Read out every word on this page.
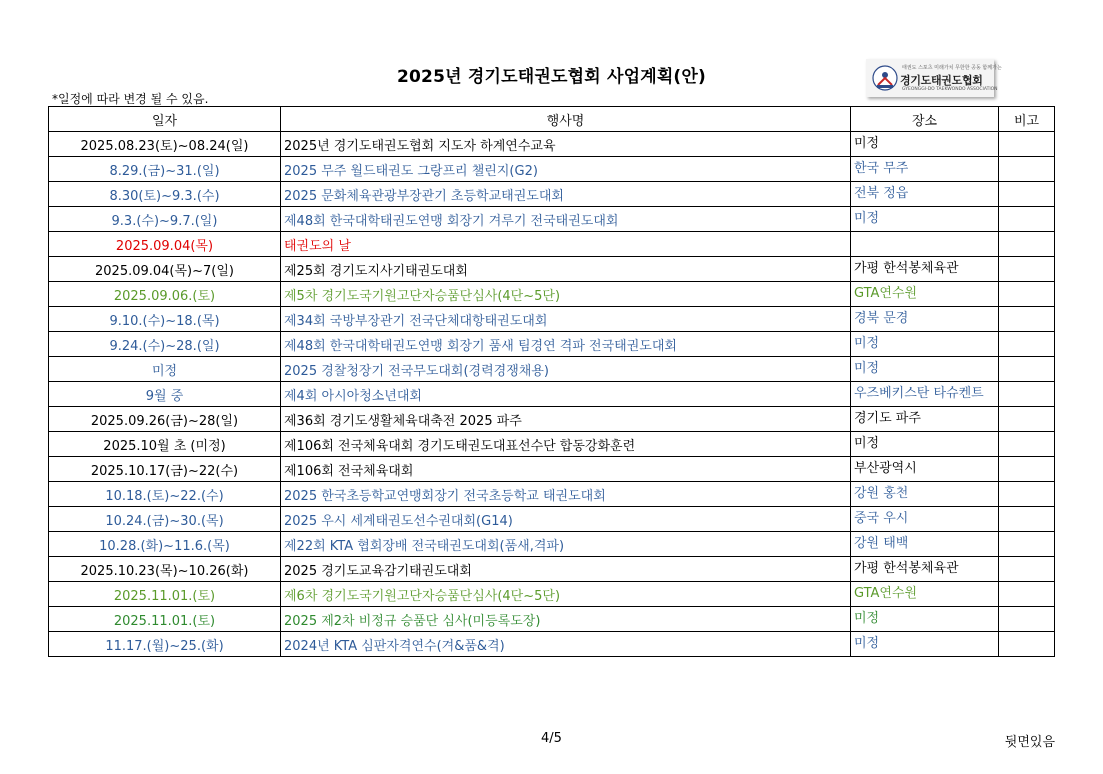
2025년 경기도태권도협회 사업계획(안)	태권도 스포츠 미래가치 무한한 공동 함께가는
경기도태권도협회
GYEONGGI-DO TAEKWONDO ASSOCIATION
*일정에 따라 변경 될 수 있음.
일자	행사명	장소	비고
2025.08.23(토)~08.24(일)	2025년 경기도태권도협회 지도자 하계연수교육	미정	
8.29.(금)~31.(일)	2025 무주 월드태권도 그랑프리 챌린지(G2)	한국 무주	
8.30(토)~9.3.(수)	2025 문화체육관광부장관기 초등학교태권도대회	전북 정읍	
9.3.(수)~9.7.(일)	제48회 한국대학태권도연맹 회장기 겨루기 전국태권도대회	미정	
2025.09.04(목)	태권도의 날		
2025.09.04(목)~7(일)	제25회 경기도지사기태권도대회	가평 한석봉체육관	
2025.09.06.(토)	제5차 경기도국기원고단자승품단심사(4단~5단)	GTA연수원	
9.10.(수)~18.(목)	제34회 국방부장관기 전국단체대항태권도대회	경북 문경	
9.24.(수)~28.(일)	제48회 한국대학태권도연맹 회장기 품새 팀경연 격파 전국태권도대회	미정	
미정	2025 경찰청장기 전국무도대회(경력경쟁채용)	미정	
9월 중	제4회 아시아청소년대회	우즈베키스탄 타슈켄트	
2025.09.26(금)~28(일)	제36회 경기도생활체육대축전 2025 파주	경기도 파주	
2025.10월 초 (미정)	제106회 전국체육대회 경기도태권도대표선수단 합동강화훈련	미정	
2025.10.17(금)~22(수)	제106회 전국체육대회	부산광역시	
10.18.(토)~22.(수)	2025 한국초등학교연맹회장기 전국초등학교 태권도대회	강원 홍천	
10.24.(금)~30.(목)	2025 우시 세계태권도선수권대회(G14)	중국 우시	
10.28.(화)~11.6.(목)	제22회 KTA 협회장배 전국태권도대회(품새,격파)	강원 태백	
2025.10.23(목)~10.26(화)	2025 경기도교육감기태권도대회	가평 한석봉체육관	
2025.11.01.(토)	제6차 경기도국기원고단자승품단심사(4단~5단)	GTA연수원	
2025.11.01.(토)	2025 제2차 비정규 승품단 심사(미등록도장)	미정	
11.17.(월)~25.(화)	2024년 KTA 심판자격연수(겨&품&격)	미정	
4/5	뒷면있음
